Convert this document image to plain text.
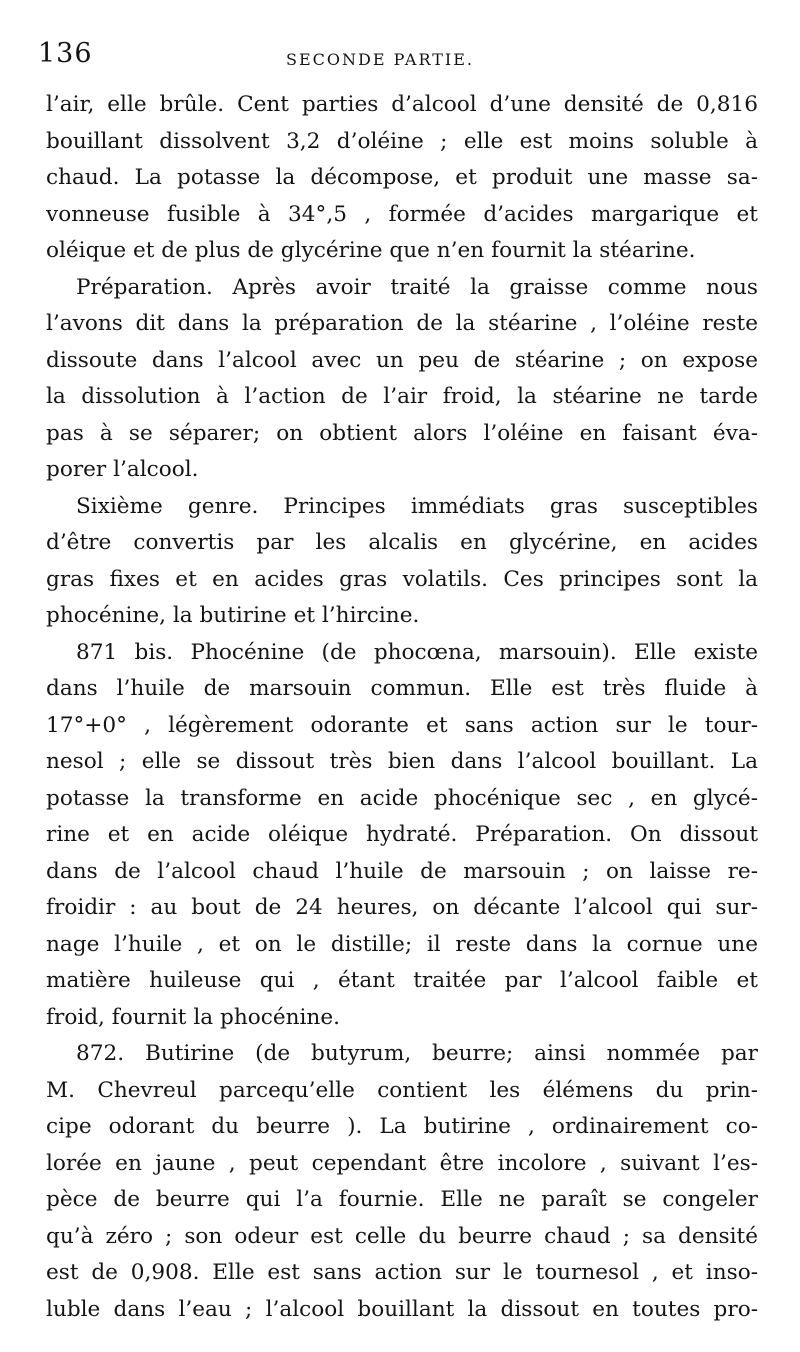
136	SECONDE PARTIE.
l’air, elle brûle. Cent parties d’alcool d’une densité de 0,816
bouillant dissolvent 3,2 d’oléine ; elle est moins soluble à
chaud. La potasse la décompose, et produit une masse sa-
vonneuse fusible à 34°,5 , formée d’acides margarique et
oléique et de plus de glycérine que n’en fournit la stéarine.
Préparation. Après avoir traité la graisse comme nous
l’avons dit dans la préparation de la stéarine , l’oléine reste
dissoute dans l’alcool avec un peu de stéarine ; on expose
la dissolution à l’action de l’air froid, la stéarine ne tarde
pas à se séparer; on obtient alors l’oléine en faisant éva-
porer l’alcool.
Sixième genre. Principes immédiats gras susceptibles
d’être convertis par les alcalis en glycérine, en acides
gras fixes et en acides gras volatils. Ces principes sont la
phocénine, la butirine et l’hircine.
871 bis. Phocénine (de phocœna, marsouin). Elle existe
dans l’huile de marsouin commun. Elle est très fluide à
17°+0° , légèrement odorante et sans action sur le tour-
nesol ; elle se dissout très bien dans l’alcool bouillant. La
potasse la transforme en acide phocénique sec , en glycé-
rine et en acide oléique hydraté. Préparation. On dissout
dans de l’alcool chaud l’huile de marsouin ; on laisse re-
froidir : au bout de 24 heures, on décante l’alcool qui sur-
nage l’huile , et on le distille; il reste dans la cornue une
matière huileuse qui , étant traitée par l’alcool faible et
froid, fournit la phocénine.
872. Butirine (de butyrum, beurre; ainsi nommée par
M. Chevreul parcequ’elle contient les élémens du prin-
cipe odorant du beurre ). La butirine , ordinairement co-
lorée en jaune , peut cependant être incolore , suivant l’es-
pèce de beurre qui l’a fournie. Elle ne paraît se congeler
qu’à zéro ; son odeur est celle du beurre chaud ; sa densité
est de 0,908. Elle est sans action sur le tournesol , et inso-
luble dans l’eau ; l’alcool bouillant la dissout en toutes pro-
